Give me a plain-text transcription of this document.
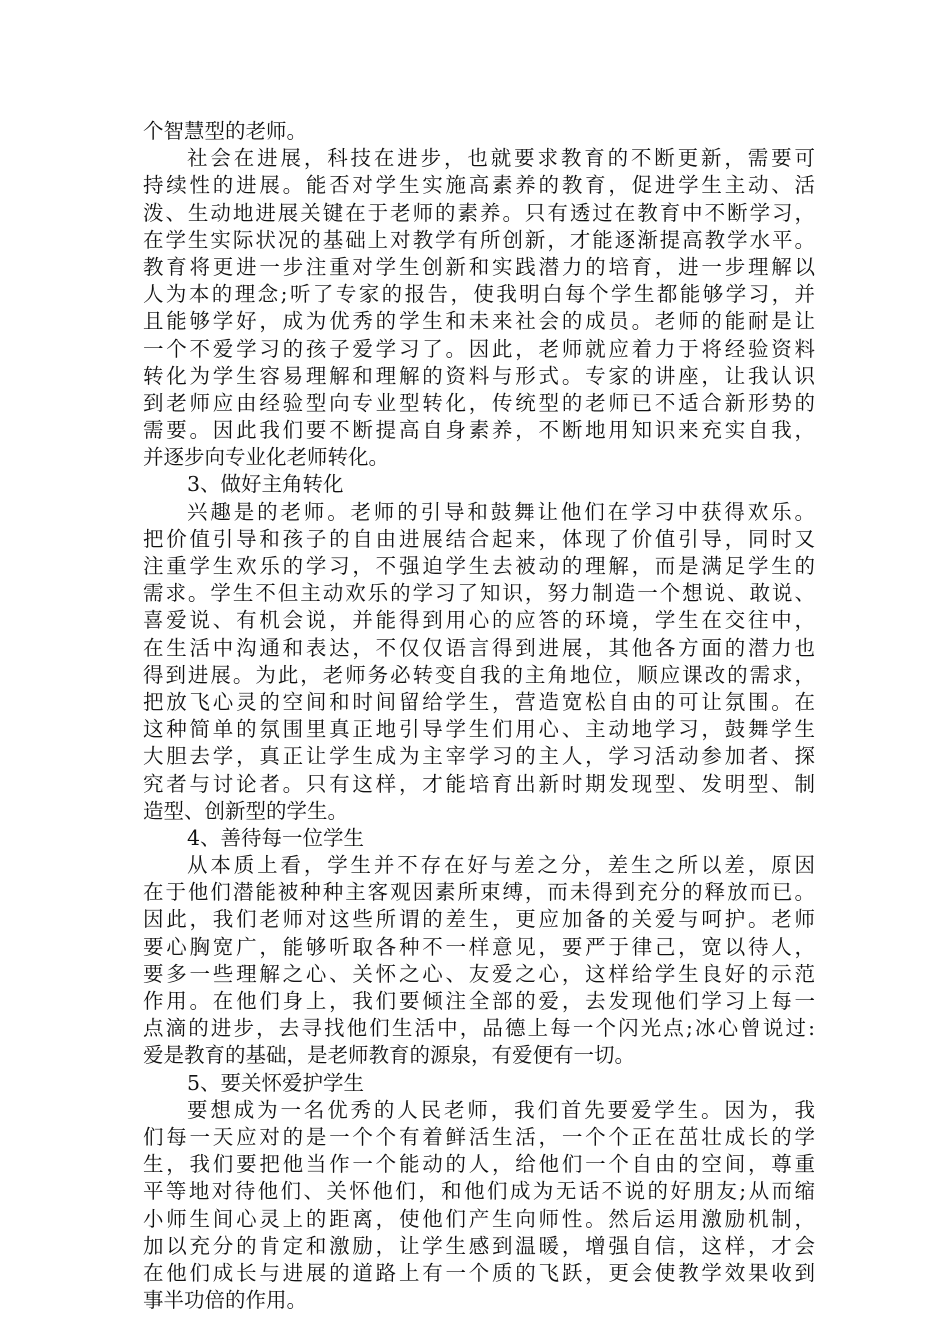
个智慧型的老师。
社会在进展，科技在进步，也就要求教育的不断更新，需要可
持续性的进展。能否对学生实施高素养的教育，促进学生主动、活
泼、生动地进展关键在于老师的素养。只有透过在教育中不断学习，
在学生实际状况的基础上对教学有所创新，才能逐渐提高教学水平。
教育将更进一步注重对学生创新和实践潜力的培育，进一步理解以
人为本的理念;听了专家的报告，使我明白每个学生都能够学习，并
且能够学好，成为优秀的学生和未来社会的成员。老师的能耐是让
一个不爱学习的孩子爱学习了。因此，老师就应着力于将经验资料
转化为学生容易理解和理解的资料与形式。专家的讲座，让我认识
到老师应由经验型向专业型转化，传统型的老师已不适合新形势的
需要。因此我们要不断提高自身素养，不断地用知识来充实自我，
并逐步向专业化老师转化。
3、做好主角转化
兴趣是的老师。老师的引导和鼓舞让他们在学习中获得欢乐。
把价值引导和孩子的自由进展结合起来，体现了价值引导，同时又
注重学生欢乐的学习，不强迫学生去被动的理解，而是满足学生的
需求。学生不但主动欢乐的学习了知识，努力制造一个想说、敢说、
喜爱说、有机会说，并能得到用心的应答的环境，学生在交往中，
在生活中沟通和表达，不仅仅语言得到进展，其他各方面的潜力也
得到进展。为此，老师务必转变自我的主角地位，顺应课改的需求，
把放飞心灵的空间和时间留给学生，营造宽松自由的可让氛围。在
这种简单的氛围里真正地引导学生们用心、主动地学习，鼓舞学生
大胆去学，真正让学生成为主宰学习的主人，学习活动参加者、探
究者与讨论者。只有这样，才能培育出新时期发现型、发明型、制
造型、创新型的学生。
4、善待每一位学生
从本质上看，学生并不存在好与差之分，差生之所以差，原因
在于他们潜能被种种主客观因素所束缚，而未得到充分的释放而已。
因此，我们老师对这些所谓的差生，更应加备的关爱与呵护。老师
要心胸宽广，能够听取各种不一样意见，要严于律己，宽以待人，
要多一些理解之心、关怀之心、友爱之心，这样给学生良好的示范
作用。在他们身上，我们要倾注全部的爱，去发现他们学习上每一
点滴的进步，去寻找他们生活中，品德上每一个闪光点;冰心曾说过:
爱是教育的基础，是老师教育的源泉，有爱便有一切。
5、要关怀爱护学生
要想成为一名优秀的人民老师，我们首先要爱学生。因为，我
们每一天应对的是一个个有着鲜活生活，一个个正在茁壮成长的学
生，我们要把他当作一个能动的人，给他们一个自由的空间，尊重
平等地对待他们、关怀他们，和他们成为无话不说的好朋友;从而缩
小师生间心灵上的距离，使他们产生向师性。然后运用激励机制，
加以充分的肯定和激励，让学生感到温暖，增强自信，这样，才会
在他们成长与进展的道路上有一个质的飞跃，更会使教学效果收到
事半功倍的作用。
